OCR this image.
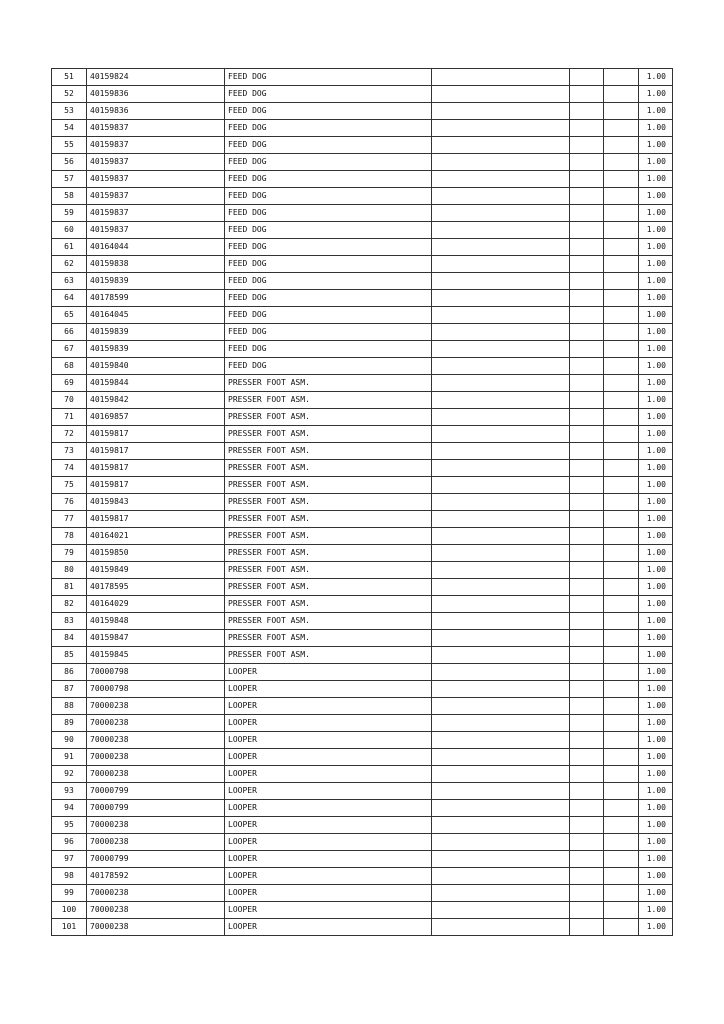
51	40159824	FEED DOG				1.00
52	40159836	FEED DOG				1.00
53	40159836	FEED DOG				1.00
54	40159837	FEED DOG				1.00
55	40159837	FEED DOG				1.00
56	40159837	FEED DOG				1.00
57	40159837	FEED DOG				1.00
58	40159837	FEED DOG				1.00
59	40159837	FEED DOG				1.00
60	40159837	FEED DOG				1.00
61	40164044	FEED DOG				1.00
62	40159838	FEED DOG				1.00
63	40159839	FEED DOG				1.00
64	40178599	FEED DOG				1.00
65	40164045	FEED DOG				1.00
66	40159839	FEED DOG				1.00
67	40159839	FEED DOG				1.00
68	40159840	FEED DOG				1.00
69	40159844	PRESSER FOOT ASM.				1.00
70	40159842	PRESSER FOOT ASM.				1.00
71	40169857	PRESSER FOOT ASM.				1.00
72	40159817	PRESSER FOOT ASM.				1.00
73	40159817	PRESSER FOOT ASM.				1.00
74	40159817	PRESSER FOOT ASM.				1.00
75	40159817	PRESSER FOOT ASM.				1.00
76	40159843	PRESSER FOOT ASM.				1.00
77	40159817	PRESSER FOOT ASM.				1.00
78	40164021	PRESSER FOOT ASM.				1.00
79	40159850	PRESSER FOOT ASM.				1.00
80	40159849	PRESSER FOOT ASM.				1.00
81	40178595	PRESSER FOOT ASM.				1.00
82	40164029	PRESSER FOOT ASM.				1.00
83	40159848	PRESSER FOOT ASM.				1.00
84	40159847	PRESSER FOOT ASM.				1.00
85	40159845	PRESSER FOOT ASM.				1.00
86	70000798	LOOPER				1.00
87	70000798	LOOPER				1.00
88	70000238	LOOPER				1.00
89	70000238	LOOPER				1.00
90	70000238	LOOPER				1.00
91	70000238	LOOPER				1.00
92	70000238	LOOPER				1.00
93	70000799	LOOPER				1.00
94	70000799	LOOPER				1.00
95	70000238	LOOPER				1.00
96	70000238	LOOPER				1.00
97	70000799	LOOPER				1.00
98	40178592	LOOPER				1.00
99	70000238	LOOPER				1.00
100	70000238	LOOPER				1.00
101	70000238	LOOPER				1.00
